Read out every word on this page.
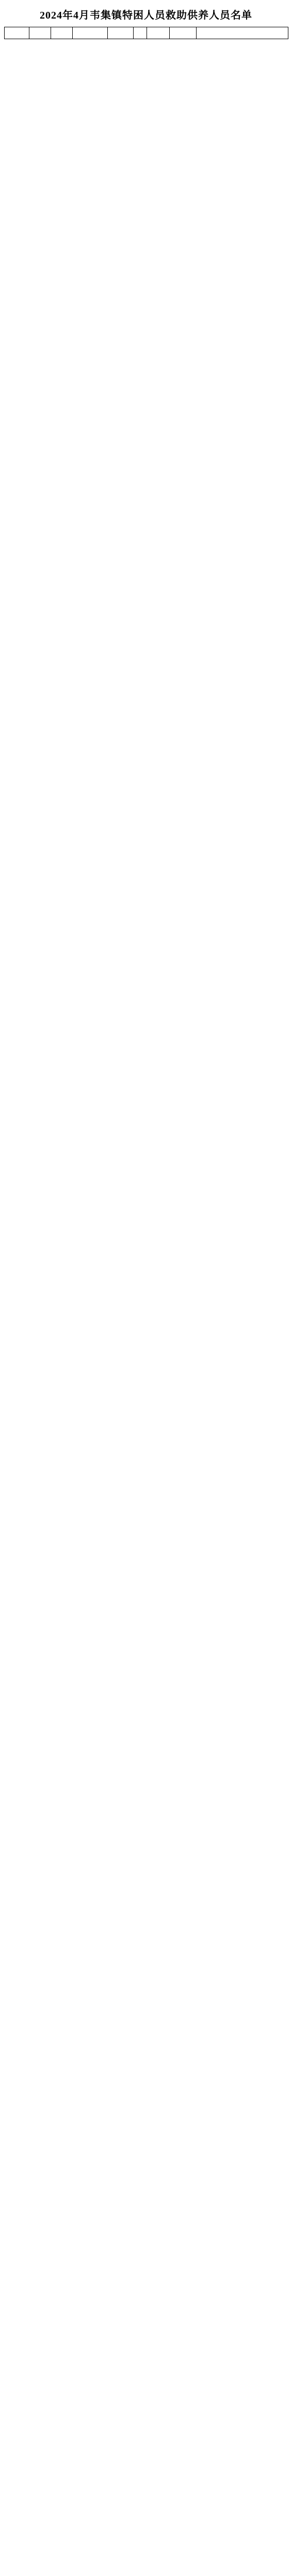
2024年4月韦集镇特困人员救助供养人员名单
